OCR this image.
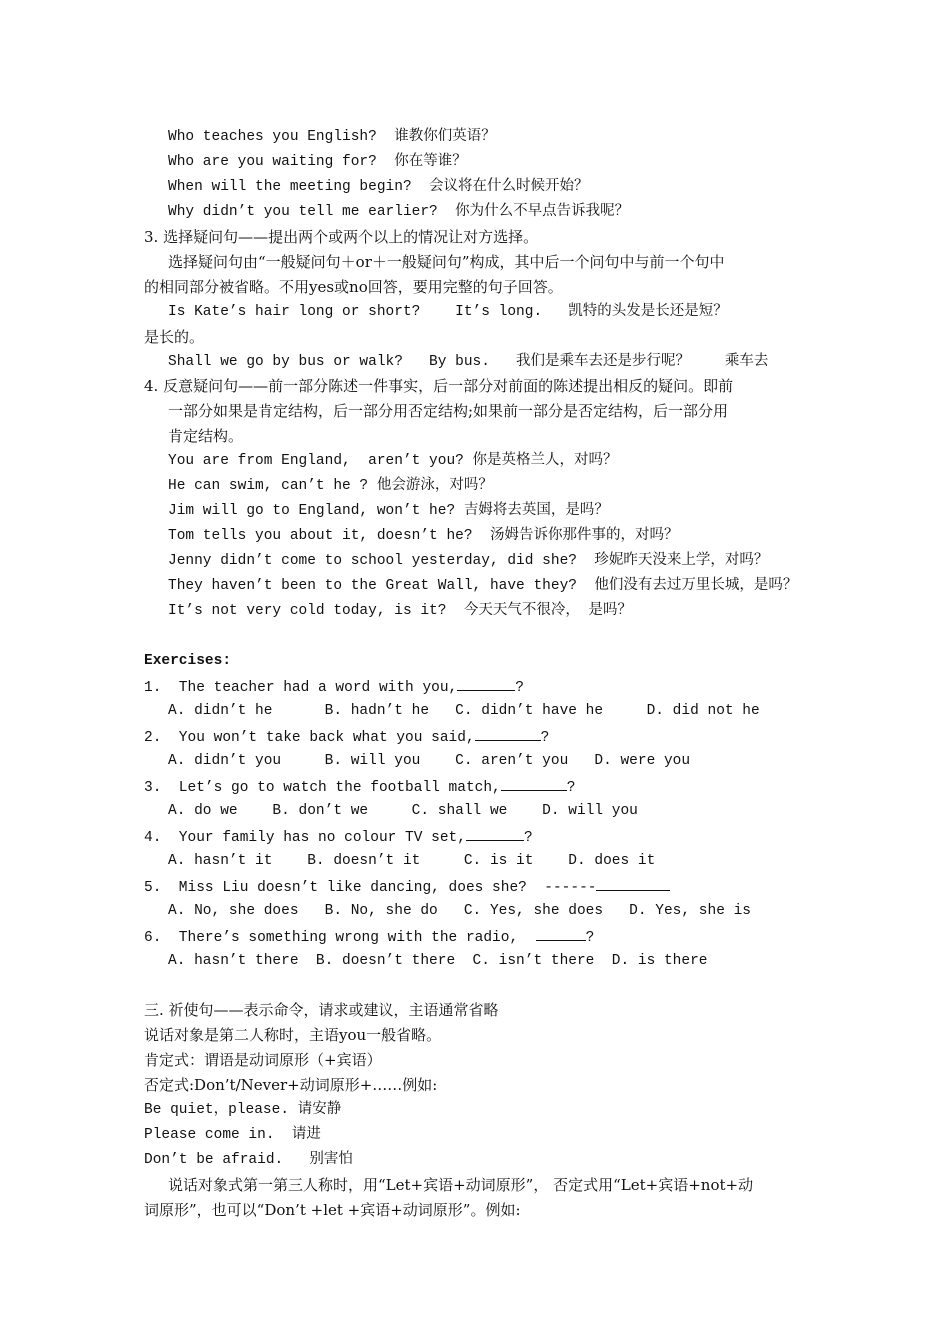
Who teaches you English?  谁教你们英语？
Who are you waiting for?  你在等谁？
When will the meeting begin?  会议将在什么时候开始？
Why didn’t you tell me earlier?  你为什么不早点告诉我呢？
3. 选择疑问句——提出两个或两个以上的情况让对方选择。
选择疑问句由“一般疑问句＋or＋一般疑问句”构成，其中后一个问句中与前一个句中
的相同部分被省略。不用yes或no回答，要用完整的句子回答。
Is Kate’s hair long or short?    It’s long.   凯特的头发是长还是短？
是长的。
Shall we go by bus or walk?   By bus.   我们是乘车去还是步行呢？    乘车去
4. 反意疑问句——前一部分陈述一件事实，后一部分对前面的陈述提出相反的疑问。即前
一部分如果是肯定结构，后一部分用否定结构;如果前一部分是否定结构，后一部分用
肯定结构。
You are from England,  aren’t you? 你是英格兰人，对吗？
He can swim, can’t he ? 他会游泳，对吗？
Jim will go to England, won’t he? 吉姆将去英国，是吗？
Tom tells you about it, doesn’t he?  汤姆告诉你那件事的，对吗？
Jenny didn’t come to school yesterday, did she?  珍妮昨天没来上学，对吗？
They haven’t been to the Great Wall, have they?  他们没有去过万里长城，是吗？
It’s not very cold today, is it?  今天天气不很冷， 是吗？
Exercises:
1.  The teacher had a word with you,	?
A. didn’t he      B. hadn’t he   C. didn’t have he     D. did not he
2.  You won’t take back what you said,	?
A. didn’t you     B. will you    C. aren’t you   D. were you
3.  Let’s go to watch the football match,	?
A. do we    B. don’t we     C. shall we    D. will you
4.  Your family has no colour TV set,	?
A. hasn’t it    B. doesn’t it     C. is it    D. does it
5.  Miss Liu doesn’t like dancing, does she?  ------
A. No, she does   B. No, she do   C. Yes, she does   D. Yes, she is
6.  There’s something wrong with the radio,	?
A. hasn’t there  B. doesn’t there  C. isn’t there  D. is there
三. 祈使句——表示命令，请求或建议，主语通常省略
说话对象是第二人称时，主语you一般省略。
肯定式：谓语是动词原形（+宾语）
否定式:Don’t/Never+动词原形+……例如:
Be quiet，please. 请安静
Please come in.  请进
Don’t be afraid.   别害怕
说话对象式第一第三人称时，用“Let+宾语+动词原形”， 否定式用“Let+宾语+not+动
词原形”，也可以“Don’t +let +宾语+动词原形”。例如:
